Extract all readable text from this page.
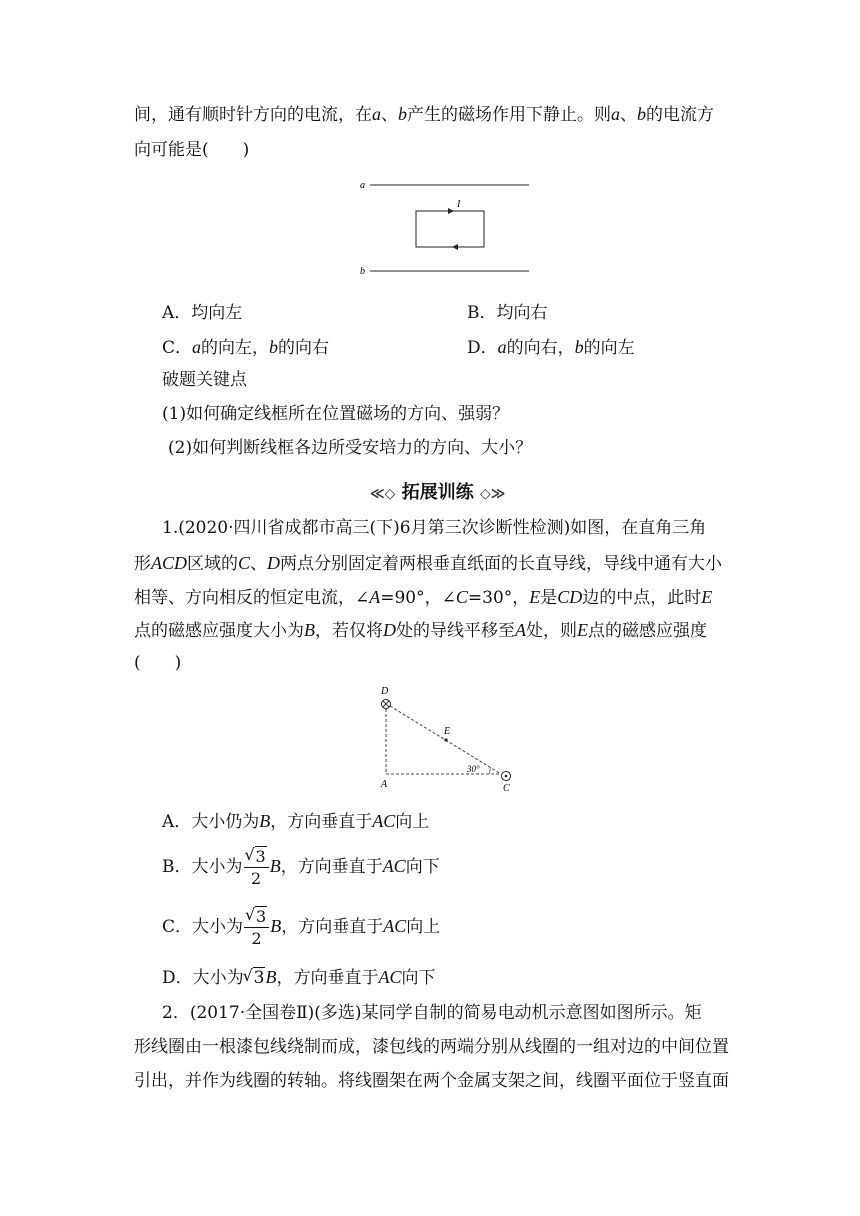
间，通有顺时针方向的电流，在a、b产生的磁场作用下静止。则a、b的电流方
向可能是(　　)
a
I
b
A．均向左	B．均向右
C．a的向左，b的向右	D．a的向右，b的向左
破题关键点
(1)如何确定线框所在位置磁场的方向、强弱？
(2)如何判断线框各边所受安培力的方向、大小？
≪◇ 拓展训练 ◇≫
1.(2020·四川省成都市高三(下)6月第三次诊断性检测)如图，在直角三角
形ACD区域的C、D两点分别固定着两根垂直纸面的长直导线，导线中通有大小
相等、方向相反的恒定电流，∠A=90°，∠C=30°，E是CD边的中点，此时E
点的磁感应强度大小为B，若仅将D处的导线平移至A处，则E点的磁感应强度
(　　)
D
E
A
30°
C
A．大小仍为B，方向垂直于AC向上
B．大小为 √ $\frac{3}{2}$ B，方向垂直于AC向下
C．大小为 √ $\frac{3}{2}$ B，方向垂直于AC向上
D．大小为 √ 3B，方向垂直于AC向下
2．(2017·全国卷Ⅱ)(多选)某同学自制的简易电动机示意图如图所示。矩
形线圈由一根漆包线绕制而成，漆包线的两端分别从线圈的一组对边的中间位置
引出，并作为线圈的转轴。将线圈架在两个金属支架之间，线圈平面位于竖直面
